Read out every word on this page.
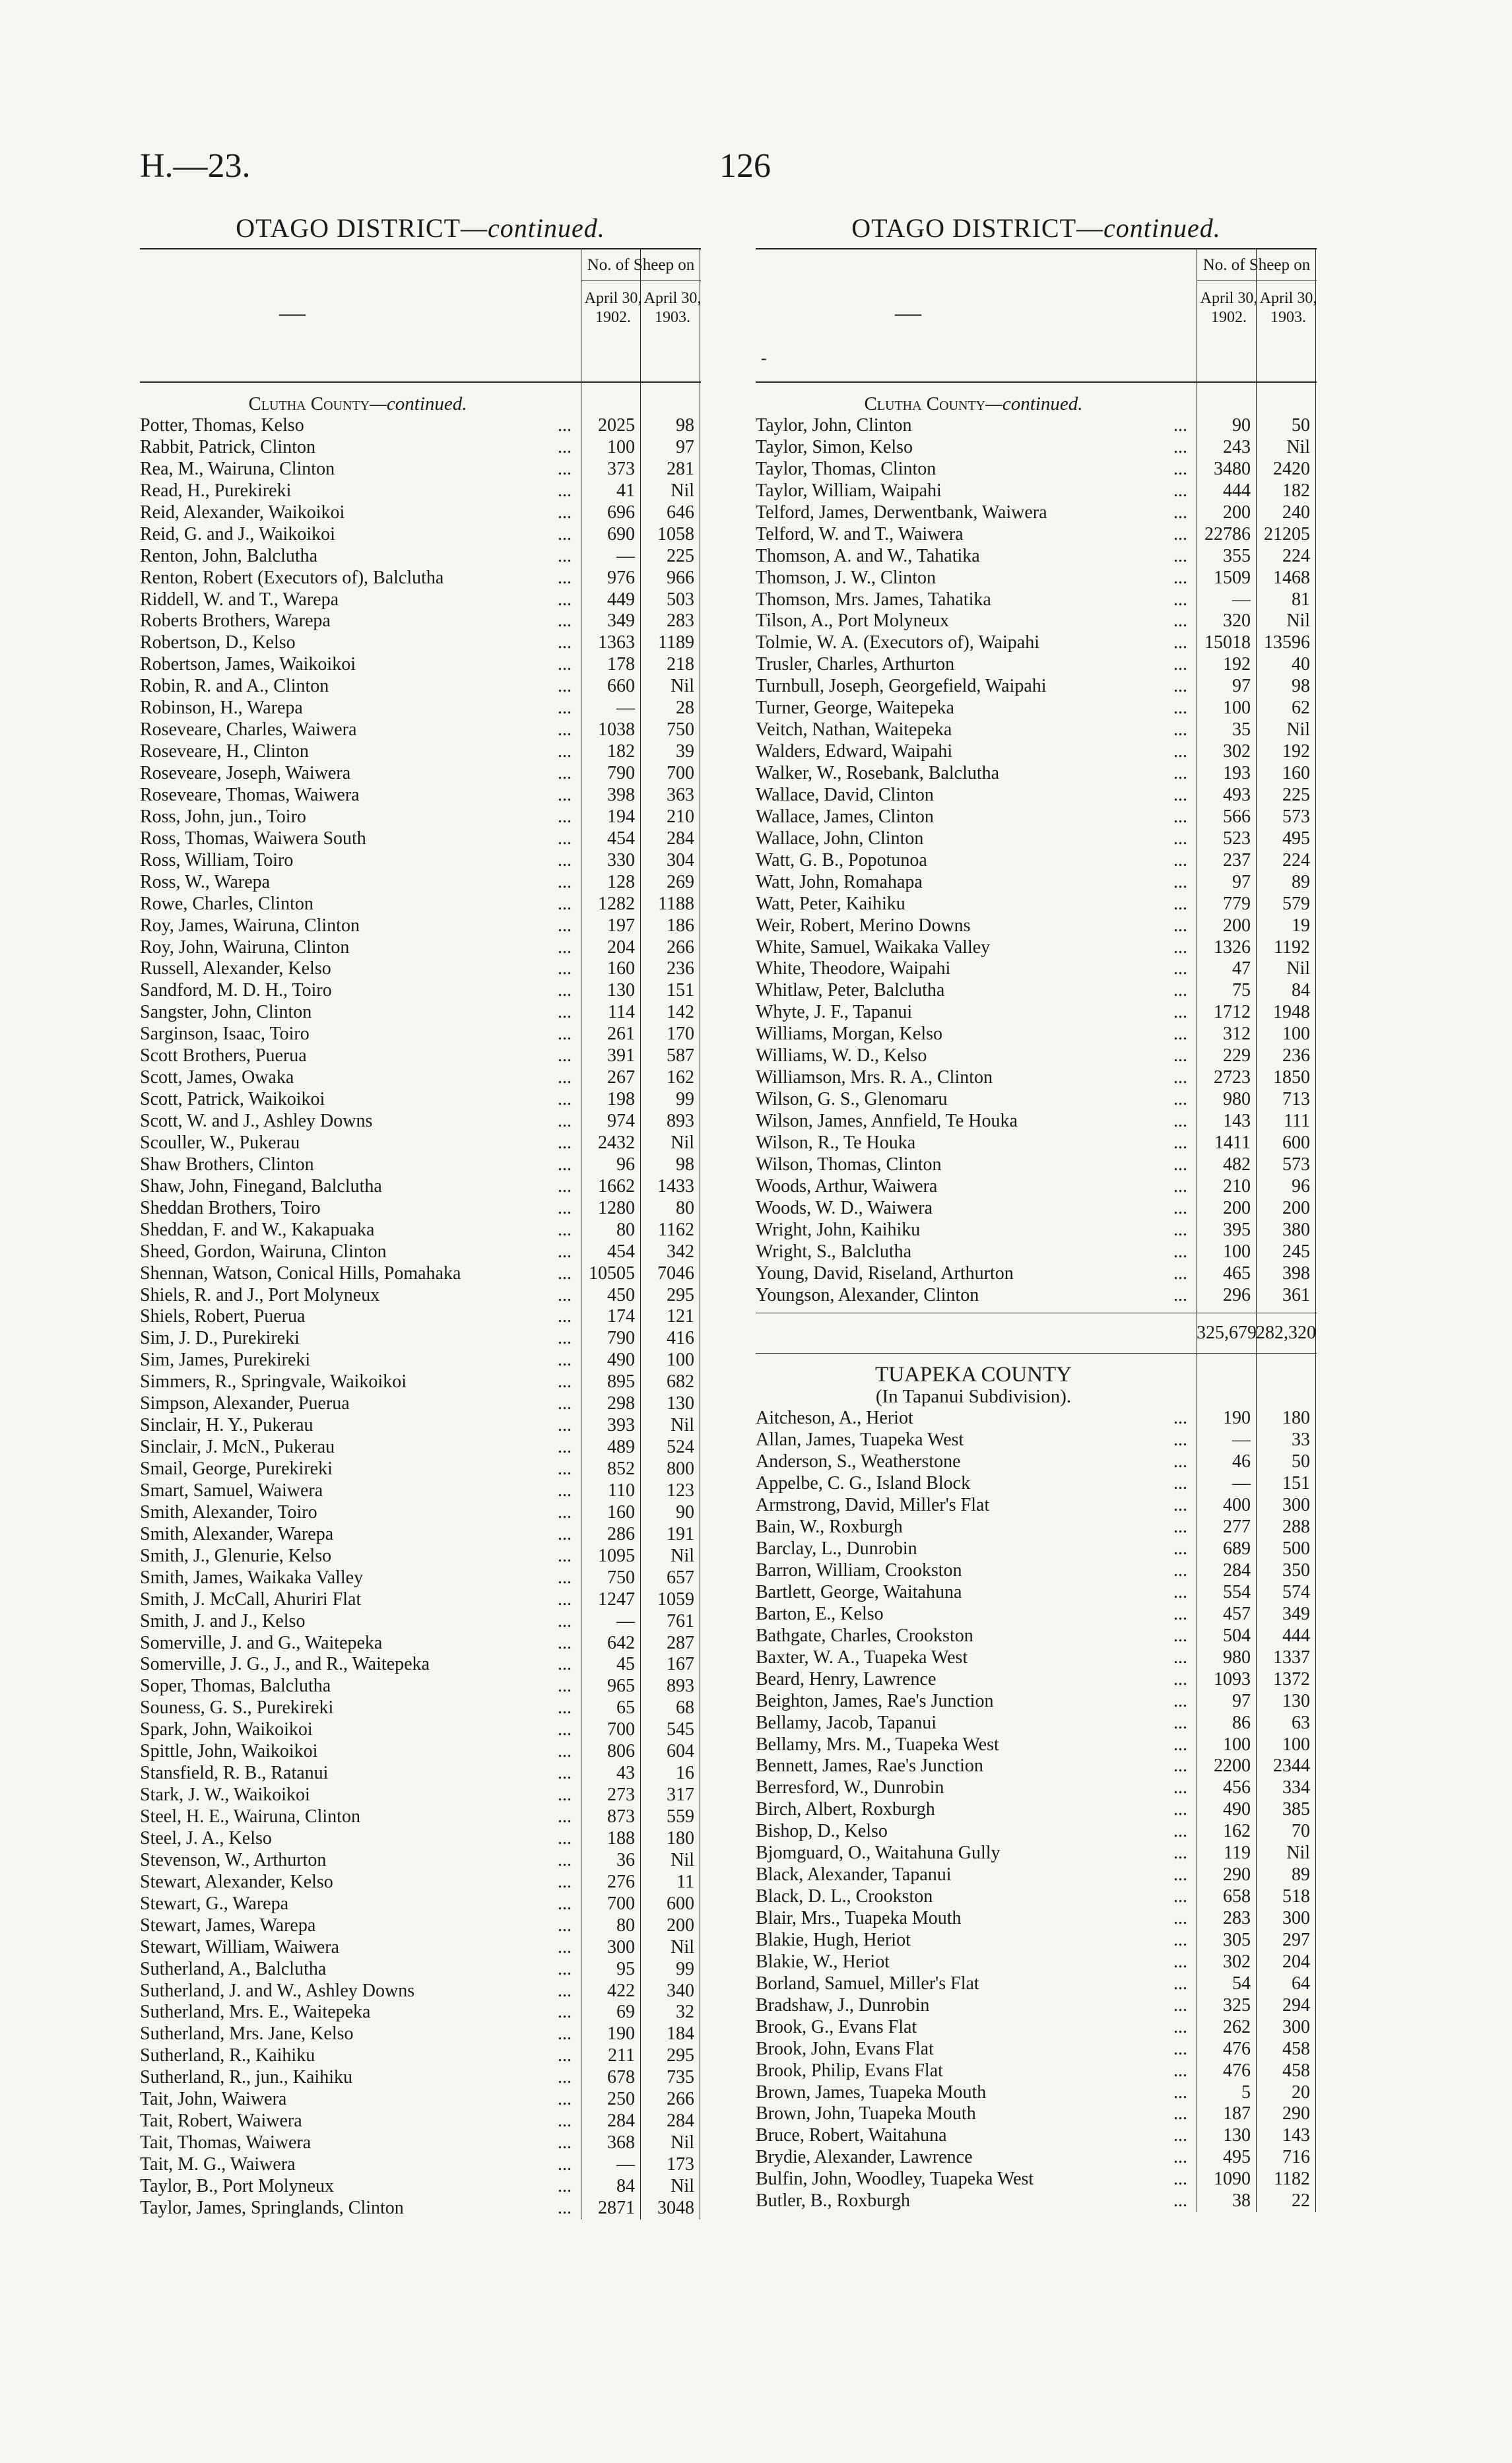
H.—23.	126
OTAGO DISTRICT—continued.
—
No. of Sheep on
April 30,
1902.
April 30,
1903.
Clutha County—continued.
Potter, Thomas, Kelso ...	2025	98
Rabbit, Patrick, Clinton ...	100	97
Rea, M., Wairuna, Clinton ...	373	281
Read, H., Purekireki ...	41	Nil
Reid, Alexander, Waikoikoi ...	696	646
Reid, G. and J., Waikoikoi ...	690	1058
Renton, John, Balclutha ...	—	225
Renton, Robert (Executors of), Balclutha ...	976	966
Riddell, W. and T., Warepa ...	449	503
Roberts Brothers, Warepa ...	349	283
Robertson, D., Kelso ...	1363	1189
Robertson, James, Waikoikoi ...	178	218
Robin, R. and A., Clinton ...	660	Nil
Robinson, H., Warepa ...	—	28
Roseveare, Charles, Waiwera ...	1038	750
Roseveare, H., Clinton ...	182	39
Roseveare, Joseph, Waiwera ...	790	700
Roseveare, Thomas, Waiwera ...	398	363
Ross, John, jun., Toiro ...	194	210
Ross, Thomas, Waiwera South ...	454	284
Ross, William, Toiro ...	330	304
Ross, W., Warepa ...	128	269
Rowe, Charles, Clinton ...	1282	1188
Roy, James, Wairuna, Clinton ...	197	186
Roy, John, Wairuna, Clinton ...	204	266
Russell, Alexander, Kelso ...	160	236
Sandford, M. D. H., Toiro ...	130	151
Sangster, John, Clinton ...	114	142
Sarginson, Isaac, Toiro ...	261	170
Scott Brothers, Puerua ...	391	587
Scott, James, Owaka ...	267	162
Scott, Patrick, Waikoikoi ...	198	99
Scott, W. and J., Ashley Downs ...	974	893
Scouller, W., Pukerau ...	2432	Nil
Shaw Brothers, Clinton ...	96	98
Shaw, John, Finegand, Balclutha ...	1662	1433
Sheddan Brothers, Toiro ...	1280	80
Sheddan, F. and W., Kakapuaka ...	80	1162
Sheed, Gordon, Wairuna, Clinton ...	454	342
Shennan, Watson, Conical Hills, Pomahaka ...	10505	7046
Shiels, R. and J., Port Molyneux ...	450	295
Shiels, Robert, Puerua ...	174	121
Sim, J. D., Purekireki ...	790	416
Sim, James, Purekireki ...	490	100
Simmers, R., Springvale, Waikoikoi ...	895	682
Simpson, Alexander, Puerua ...	298	130
Sinclair, H. Y., Pukerau ...	393	Nil
Sinclair, J. McN., Pukerau ...	489	524
Smail, George, Purekireki ...	852	800
Smart, Samuel, Waiwera ...	110	123
Smith, Alexander, Toiro ...	160	90
Smith, Alexander, Warepa ...	286	191
Smith, J., Glenurie, Kelso ...	1095	Nil
Smith, James, Waikaka Valley ...	750	657
Smith, J. McCall, Ahuriri Flat ...	1247	1059
Smith, J. and J., Kelso ...	—	761
Somerville, J. and G., Waitepeka ...	642	287
Somerville, J. G., J., and R., Waitepeka ...	45	167
Soper, Thomas, Balclutha ...	965	893
Souness, G. S., Purekireki ...	65	68
Spark, John, Waikoikoi ...	700	545
Spittle, John, Waikoikoi ...	806	604
Stansfield, R. B., Ratanui ...	43	16
Stark, J. W., Waikoikoi ...	273	317
Steel, H. E., Wairuna, Clinton ...	873	559
Steel, J. A., Kelso ...	188	180
Stevenson, W., Arthurton ...	36	Nil
Stewart, Alexander, Kelso ...	276	11
Stewart, G., Warepa ...	700	600
Stewart, James, Warepa ...	80	200
Stewart, William, Waiwera ...	300	Nil
Sutherland, A., Balclutha ...	95	99
Sutherland, J. and W., Ashley Downs ...	422	340
Sutherland, Mrs. E., Waitepeka ...	69	32
Sutherland, Mrs. Jane, Kelso ...	190	184
Sutherland, R., Kaihiku ...	211	295
Sutherland, R., jun., Kaihiku ...	678	735
Tait, John, Waiwera ...	250	266
Tait, Robert, Waiwera ...	284	284
Tait, Thomas, Waiwera ...	368	Nil
Tait, M. G., Waiwera ...	—	173
Taylor, B., Port Molyneux ...	84	Nil
Taylor, James, Springlands, Clinton ...	2871	3048
OTAGO DISTRICT—continued.
—
-
No. of Sheep on
April 30,
1902.
April 30,
1903.
Clutha County—continued.
Taylor, John, Clinton ...	90	50
Taylor, Simon, Kelso ...	243	Nil
Taylor, Thomas, Clinton ...	3480	2420
Taylor, William, Waipahi ...	444	182
Telford, James, Derwentbank, Waiwera ...	200	240
Telford, W. and T., Waiwera ...	22786 21205
Thomson, A. and W., Tahatika ...	355	224
Thomson, J. W., Clinton ...	1509	1468
Thomson, Mrs. James, Tahatika ...	—	81
Tilson, A., Port Molyneux ...	320	Nil
Tolmie, W. A. (Executors of), Waipahi ...	15018 13596
Trusler, Charles, Arthurton ...	192	40
Turnbull, Joseph, Georgefield, Waipahi ...	97	98
Turner, George, Waitepeka ...	100	62
Veitch, Nathan, Waitepeka ...	35	Nil
Walders, Edward, Waipahi ...	302	192
Walker, W., Rosebank, Balclutha ...	193	160
Wallace, David, Clinton ...	493	225
Wallace, James, Clinton ...	566	573
Wallace, John, Clinton ...	523	495
Watt, G. B., Popotunoa ...	237	224
Watt, John, Romahapa ...	97	89
Watt, Peter, Kaihiku ...	779	579
Weir, Robert, Merino Downs ...	200	19
White, Samuel, Waikaka Valley ...	1326	1192
White, Theodore, Waipahi ...	47	Nil
Whitlaw, Peter, Balclutha ...	75	84
Whyte, J. F., Tapanui ...	1712	1948
Williams, Morgan, Kelso ...	312	100
Williams, W. D., Kelso ...	229	236
Williamson, Mrs. R. A., Clinton ...	2723	1850
Wilson, G. S., Glenomaru ...	980	713
Wilson, James, Annfield, Te Houka ...	143	111
Wilson, R., Te Houka ...	1411	600
Wilson, Thomas, Clinton ...	482	573
Woods, Arthur, Waiwera ...	210	96
Woods, W. D., Waiwera ...	200	200
Wright, John, Kaihiku ...	395	380
Wright, S., Balclutha ...	100	245
Young, David, Riseland, Arthurton ...	465	398
Youngson, Alexander, Clinton ...	296	361
325,679 282,320
TUAPEKA COUNTY
(In Tapanui Subdivision).
Aitcheson, A., Heriot ...	190	180
Allan, James, Tuapeka West ...	—	33
Anderson, S., Weatherstone ...	46	50
Appelbe, C. G., Island Block ...	—	151
Armstrong, David, Miller's Flat ...	400	300
Bain, W., Roxburgh ...	277	288
Barclay, L., Dunrobin ...	689	500
Barron, William, Crookston ...	284	350
Bartlett, George, Waitahuna ...	554	574
Barton, E., Kelso ...	457	349
Bathgate, Charles, Crookston ...	504	444
Baxter, W. A., Tuapeka West ...	980	1337
Beard, Henry, Lawrence ...	1093	1372
Beighton, James, Rae's Junction ...	97	130
Bellamy, Jacob, Tapanui ...	86	63
Bellamy, Mrs. M., Tuapeka West ...	100	100
Bennett, James, Rae's Junction ...	2200	2344
Berresford, W., Dunrobin ...	456	334
Birch, Albert, Roxburgh ...	490	385
Bishop, D., Kelso ...	162	70
Bjomguard, O., Waitahuna Gully ...	119	Nil
Black, Alexander, Tapanui ...	290	89
Black, D. L., Crookston ...	658	518
Blair, Mrs., Tuapeka Mouth ...	283	300
Blakie, Hugh, Heriot ...	305	297
Blakie, W., Heriot ...	302	204
Borland, Samuel, Miller's Flat ...	54	64
Bradshaw, J., Dunrobin ...	325	294
Brook, G., Evans Flat ...	262	300
Brook, John, Evans Flat ...	476	458
Brook, Philip, Evans Flat ...	476	458
Brown, James, Tuapeka Mouth ...	5	20
Brown, John, Tuapeka Mouth ...	187	290
Bruce, Robert, Waitahuna ...	130	143
Brydie, Alexander, Lawrence ...	495	716
Bulfin, John, Woodley, Tuapeka West ...	1090	1182
Butler, B., Roxburgh ...	38	22
